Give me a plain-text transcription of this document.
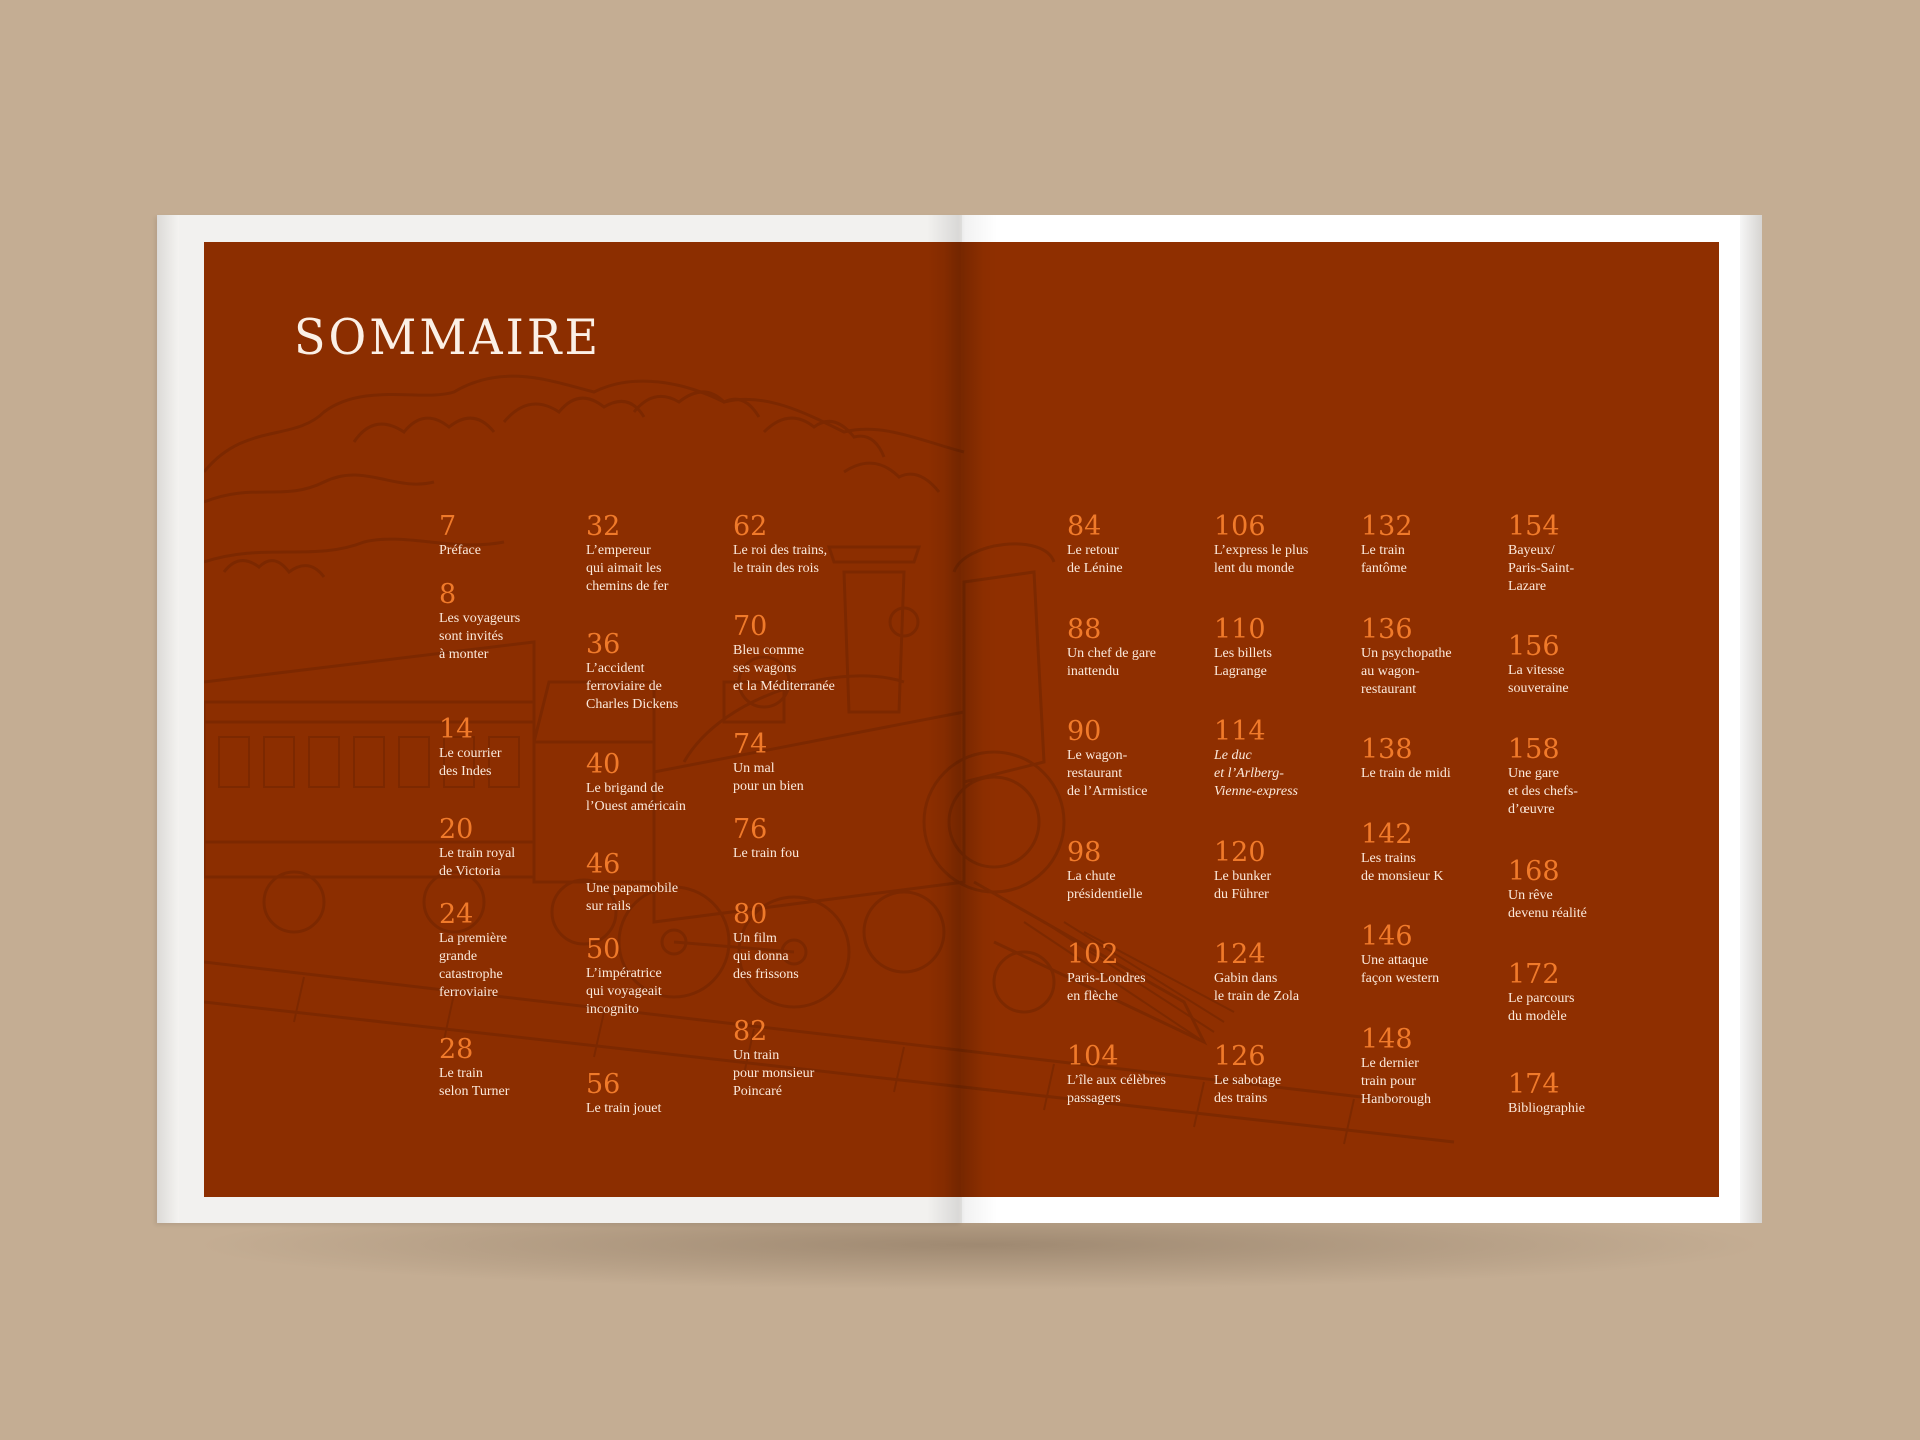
SOMMAIRE
7
Préface
8
Les voyageurs
sont invités
à monter
14
Le courrier
des Indes
20
Le train royal
de Victoria
24
La première
grande
catastrophe
ferroviaire
28
Le train
selon Turner
32
L’empereur
qui aimait les
chemins de fer
36
L’accident
ferroviaire de
Charles Dickens
40
Le brigand de
l’Ouest américain
46
Une papamobile
sur rails
50
L’impératrice
qui voyageait
incognito
56
Le train jouet
62
Le roi des trains,
le train des rois
70
Bleu comme
ses wagons
et la Méditerranée
74
Un mal
pour un bien
76
Le train fou
80
Un film
qui donna
des frissons
82
Un train
pour monsieur
Poincaré
84
Le retour
de Lénine
88
Un chef de gare
inattendu
90
Le wagon-
restaurant
de l’Armistice
98
La chute
présidentielle
102
Paris-Londres
en flèche
104
L’île aux célèbres
passagers
106
L’express le plus
lent du monde
110
Les billets
Lagrange
114
Le duc
et l’Arlberg-
Vienne-express
120
Le bunker
du Führer
124
Gabin dans
le train de Zola
126
Le sabotage
des trains
132
Le train
fantôme
136
Un psychopathe
au wagon-
restaurant
138
Le train de midi
142
Les trains
de monsieur K
146
Une attaque
façon western
148
Le dernier
train pour
Hanborough
154
Bayeux/
Paris-Saint-
Lazare
156
La vitesse
souveraine
158
Une gare
et des chefs-
d’œuvre
168
Un rêve
devenu réalité
172
Le parcours
du modèle
174
Bibliographie
